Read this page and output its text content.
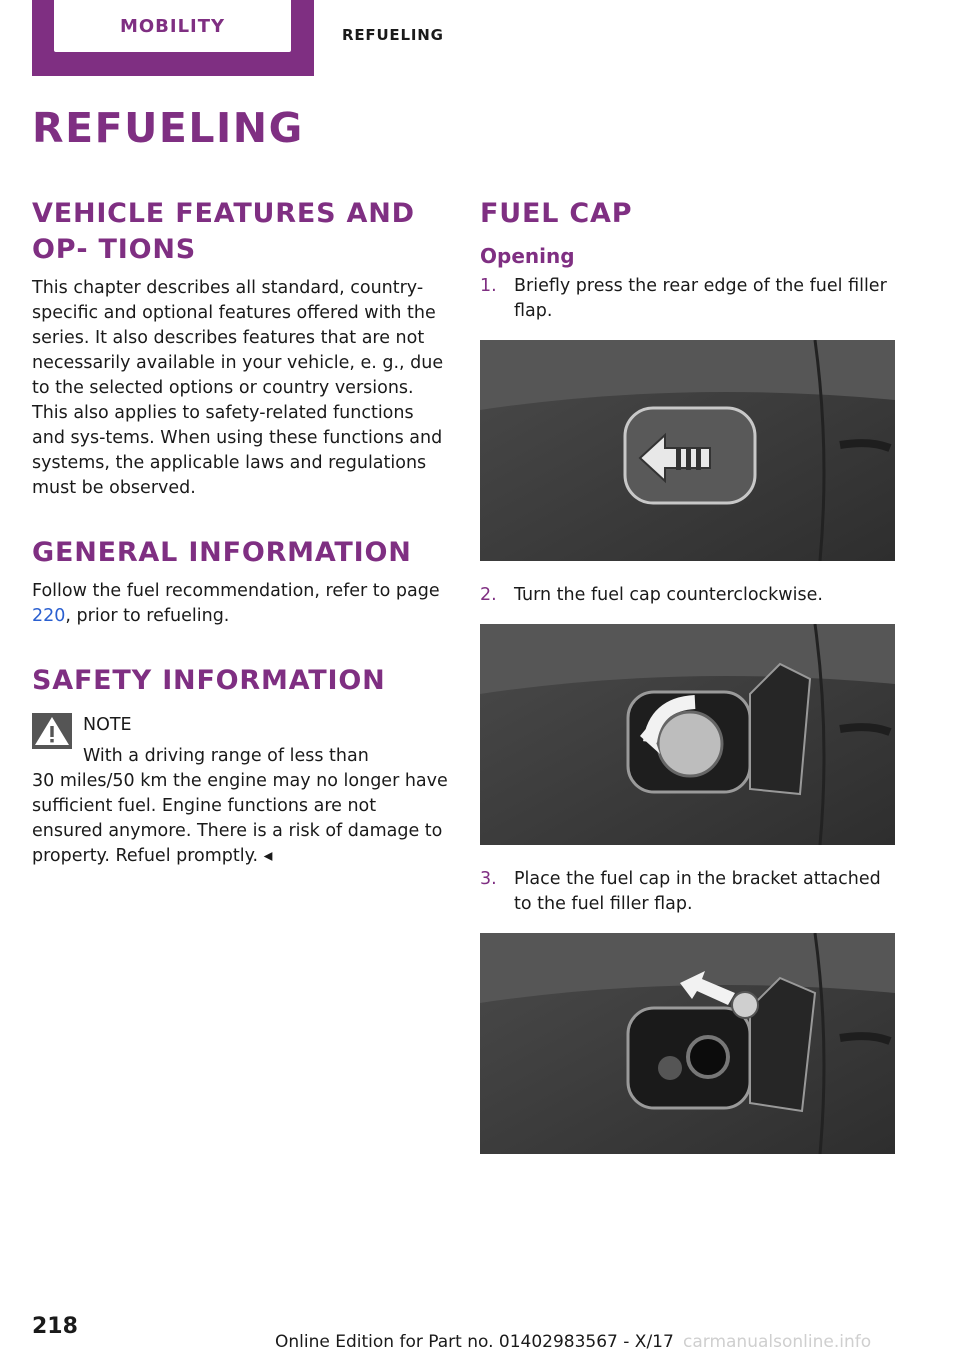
MOBILITY	REFUELING
REFUELING
VEHICLE FEATURES AND OP‐ TIONS

This chapter describes all standard, country-specific and optional features offered with the series. It also describes features that are not necessarily available in your vehicle, e. g., due to the selected options or country versions. This also applies to safety-related functions and sys‐tems. When using these functions and systems, the applicable laws and regulations must be observed.

GENERAL INFORMATION

Follow the fuel recommendation, refer to page 220, prior to refueling.

SAFETY INFORMATION
NOTE
With a driving range of less than
30 miles/50 km the engine may no longer have sufficient fuel. Engine functions are not ensured anymore. There is a risk of damage to property. Refuel promptly. ◂
FUEL CAP
Opening
1. Briefly press the rear edge of the fuel filler flap.
2. Turn the fuel cap counterclockwise.
3. Place the fuel cap in the bracket attached to the fuel filler flap.
218
Online Edition for Part no. 01402983567 - X/17 carmanualsonline.info
